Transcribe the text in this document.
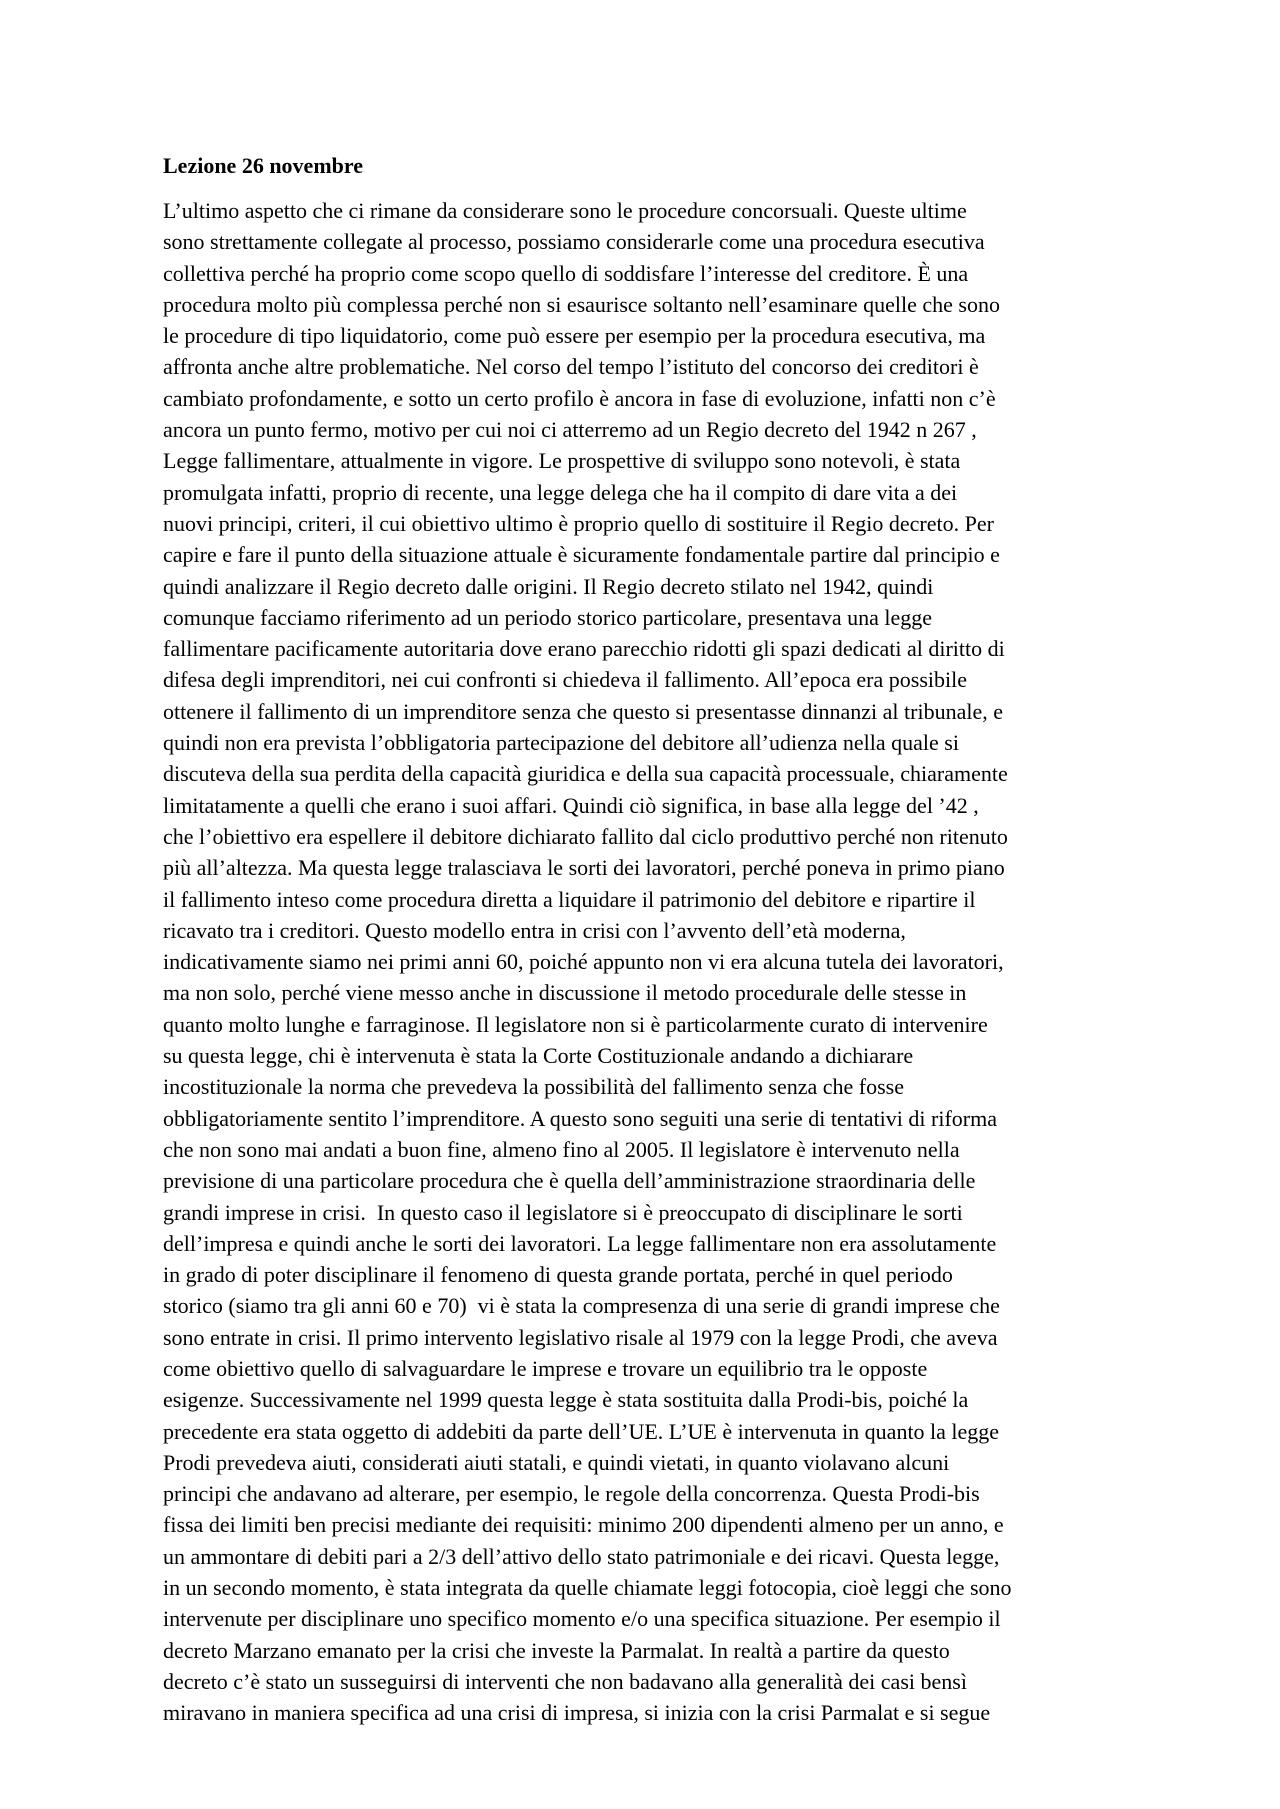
Lezione 26 novembre
L’ultimo aspetto che ci rimane da considerare sono le procedure concorsuali. Queste ultime
sono strettamente collegate al processo, possiamo considerarle come una procedura esecutiva
collettiva perché ha proprio come scopo quello di soddisfare l’interesse del creditore. È una
procedura molto più complessa perché non si esaurisce soltanto nell’esaminare quelle che sono
le procedure di tipo liquidatorio, come può essere per esempio per la procedura esecutiva, ma
affronta anche altre problematiche. Nel corso del tempo l’istituto del concorso dei creditori è
cambiato profondamente, e sotto un certo profilo è ancora in fase di evoluzione, infatti non c’è
ancora un punto fermo, motivo per cui noi ci atterremo ad un Regio decreto del 1942 n 267 ,
Legge fallimentare, attualmente in vigore. Le prospettive di sviluppo sono notevoli, è stata
promulgata infatti, proprio di recente, una legge delega che ha il compito di dare vita a dei
nuovi principi, criteri, il cui obiettivo ultimo è proprio quello di sostituire il Regio decreto. Per
capire e fare il punto della situazione attuale è sicuramente fondamentale partire dal principio e
quindi analizzare il Regio decreto dalle origini. Il Regio decreto stilato nel 1942, quindi
comunque facciamo riferimento ad un periodo storico particolare, presentava una legge
fallimentare pacificamente autoritaria dove erano parecchio ridotti gli spazi dedicati al diritto di
difesa degli imprenditori, nei cui confronti si chiedeva il fallimento. All’epoca era possibile
ottenere il fallimento di un imprenditore senza che questo si presentasse dinnanzi al tribunale, e
quindi non era prevista l’obbligatoria partecipazione del debitore all’udienza nella quale si
discuteva della sua perdita della capacità giuridica e della sua capacità processuale, chiaramente
limitatamente a quelli che erano i suoi affari. Quindi ciò significa, in base alla legge del ’42 ,
che l’obiettivo era espellere il debitore dichiarato fallito dal ciclo produttivo perché non ritenuto
più all’altezza. Ma questa legge tralasciava le sorti dei lavoratori, perché poneva in primo piano
il fallimento inteso come procedura diretta a liquidare il patrimonio del debitore e ripartire il
ricavato tra i creditori. Questo modello entra in crisi con l’avvento dell’età moderna,
indicativamente siamo nei primi anni 60, poiché appunto non vi era alcuna tutela dei lavoratori,
ma non solo, perché viene messo anche in discussione il metodo procedurale delle stesse in
quanto molto lunghe e farraginose. Il legislatore non si è particolarmente curato di intervenire
su questa legge, chi è intervenuta è stata la Corte Costituzionale andando a dichiarare
incostituzionale la norma che prevedeva la possibilità del fallimento senza che fosse
obbligatoriamente sentito l’imprenditore. A questo sono seguiti una serie di tentativi di riforma
che non sono mai andati a buon fine, almeno fino al 2005. Il legislatore è intervenuto nella
previsione di una particolare procedura che è quella dell’amministrazione straordinaria delle
grandi imprese in crisi.  In questo caso il legislatore si è preoccupato di disciplinare le sorti
dell’impresa e quindi anche le sorti dei lavoratori. La legge fallimentare non era assolutamente
in grado di poter disciplinare il fenomeno di questa grande portata, perché in quel periodo
storico (siamo tra gli anni 60 e 70)  vi è stata la compresenza di una serie di grandi imprese che
sono entrate in crisi. Il primo intervento legislativo risale al 1979 con la legge Prodi, che aveva
come obiettivo quello di salvaguardare le imprese e trovare un equilibrio tra le opposte
esigenze. Successivamente nel 1999 questa legge è stata sostituita dalla Prodi-bis, poiché la
precedente era stata oggetto di addebiti da parte dell’UE. L’UE è intervenuta in quanto la legge
Prodi prevedeva aiuti, considerati aiuti statali, e quindi vietati, in quanto violavano alcuni
principi che andavano ad alterare, per esempio, le regole della concorrenza. Questa Prodi-bis
fissa dei limiti ben precisi mediante dei requisiti: minimo 200 dipendenti almeno per un anno, e
un ammontare di debiti pari a 2/3 dell’attivo dello stato patrimoniale e dei ricavi. Questa legge,
in un secondo momento, è stata integrata da quelle chiamate leggi fotocopia, cioè leggi che sono
intervenute per disciplinare uno specifico momento e/o una specifica situazione. Per esempio il
decreto Marzano emanato per la crisi che investe la Parmalat. In realtà a partire da questo
decreto c’è stato un susseguirsi di interventi che non badavano alla generalità dei casi bensì
miravano in maniera specifica ad una crisi di impresa, si inizia con la crisi Parmalat e si segue
